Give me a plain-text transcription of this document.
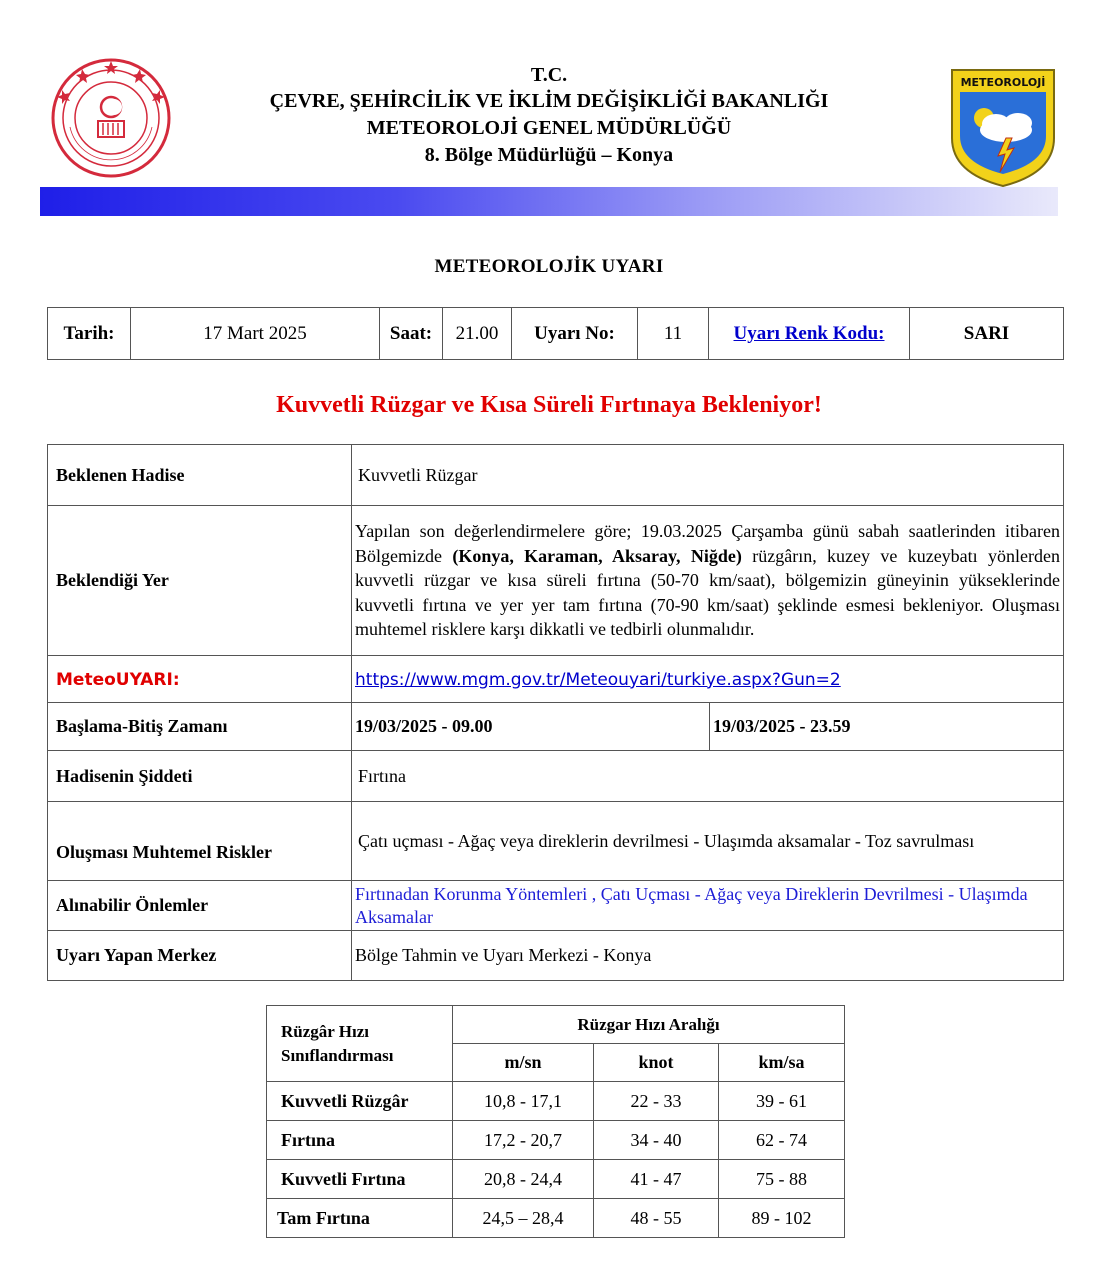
T.C.
ÇEVRE, ŞEHİRCİLİK VE İKLİM DEĞİŞİKLİĞİ BAKANLIĞI
METEOROLOJİ GENEL MÜDÜRLÜĞÜ
8. Bölge Müdürlüğü – Konya
METEOROLOJİ
METEOROLOJİK UYARI
Tarih:	17 Mart 2025	Saat:	21.00	Uyarı No:	11	Uyarı Renk Kodu:	SARI
Kuvvetli Rüzgar ve Kısa Süreli Fırtınaya Bekleniyor!
Beklenen Hadise	Kuvvetli Rüzgar	
Beklendiği Yer	Yapılan son değerlendirmelere göre; 19.03.2025 Çarşamba günü sabah saatlerinden itibaren Bölgemizde (Konya, Karaman, Aksaray, Niğde) rüzgârın, kuzey ve kuzeybatı yönlerden kuvvetli rüzgar ve kısa süreli fırtına (50-70 km/saat), bölgemizin güneyinin yükseklerinde kuvvetli fırtına ve yer yer tam fırtına (70-90 km/saat) şeklinde esmesi bekleniyor. Oluşması muhtemel risklere karşı dikkatli ve tedbirli olunmalıdır.	
MeteoUYARI:	https://www.mgm.gov.tr/Meteouyari/turkiye.aspx?Gun=2	
Başlama-Bitiş Zamanı	19/03/2025 - 09.00	19/03/2025 - 23.59
Hadisenin Şiddeti	Fırtına	
Oluşması Muhtemel Riskler	Çatı uçması - Ağaç veya direklerin devrilmesi - Ulaşımda aksamalar - Toz savrulması	
Alınabilir Önlemler	Fırtınadan Korunma Yöntemleri , Çatı Uçması - Ağaç veya Direklerin Devrilmesi - Ulaşımda Aksamalar	
Uyarı Yapan Merkez	Bölge Tahmin ve Uyarı Merkezi - Konya	
Rüzgâr Hızı
Sınıflandırması	Rüzgar Hızı Aralığı		
	m/sn	knot	km/sa
Kuvvetli Rüzgâr	10,8 - 17,1	22 - 33	39 - 61
Fırtına	17,2 - 20,7	34 - 40	62 - 74
Kuvvetli Fırtına	20,8 - 24,4	41 - 47	75 - 88
Tam Fırtına	24,5 – 28,4	48 - 55	89 - 102
